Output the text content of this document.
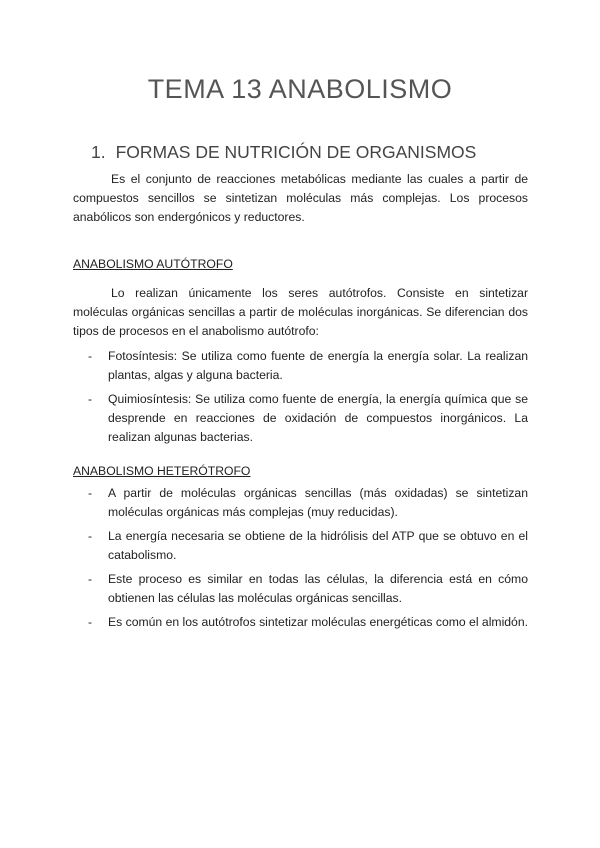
TEMA 13 ANABOLISMO
1. FORMAS DE NUTRICIÓN DE ORGANISMOS

Es el conjunto de reacciones metabólicas mediante las cuales a partir de compuestos sencillos se sintetizan moléculas más complejas. Los procesos anabólicos son endergónicos y reductores.

ANABOLISMO AUTÓTROFO

Lo realizan únicamente los seres autótrofos. Consiste en sintetizar moléculas orgánicas sencillas a partir de moléculas inorgánicas. Se diferencian dos tipos de procesos en el anabolismo autótrofo:

- Fotosíntesis: Se utiliza como fuente de energía la energía solar. La realizan plantas, algas y alguna bacteria.
- Quimiosíntesis: Se utiliza como fuente de energía, la energía química que se desprende en reacciones de oxidación de compuestos inorgánicos. La realizan algunas bacterias.
ANABOLISMO HETERÓTROFO
- A partir de moléculas orgánicas sencillas (más oxidadas) se sintetizan moléculas orgánicas más complejas (muy reducidas).
- La energía necesaria se obtiene de la hidrólisis del ATP que se obtuvo en el catabolismo.
- Este proceso es similar en todas las células, la diferencia está en cómo obtienen las células las moléculas orgánicas sencillas.
- Es común en los autótrofos sintetizar moléculas energéticas como el almidón.
